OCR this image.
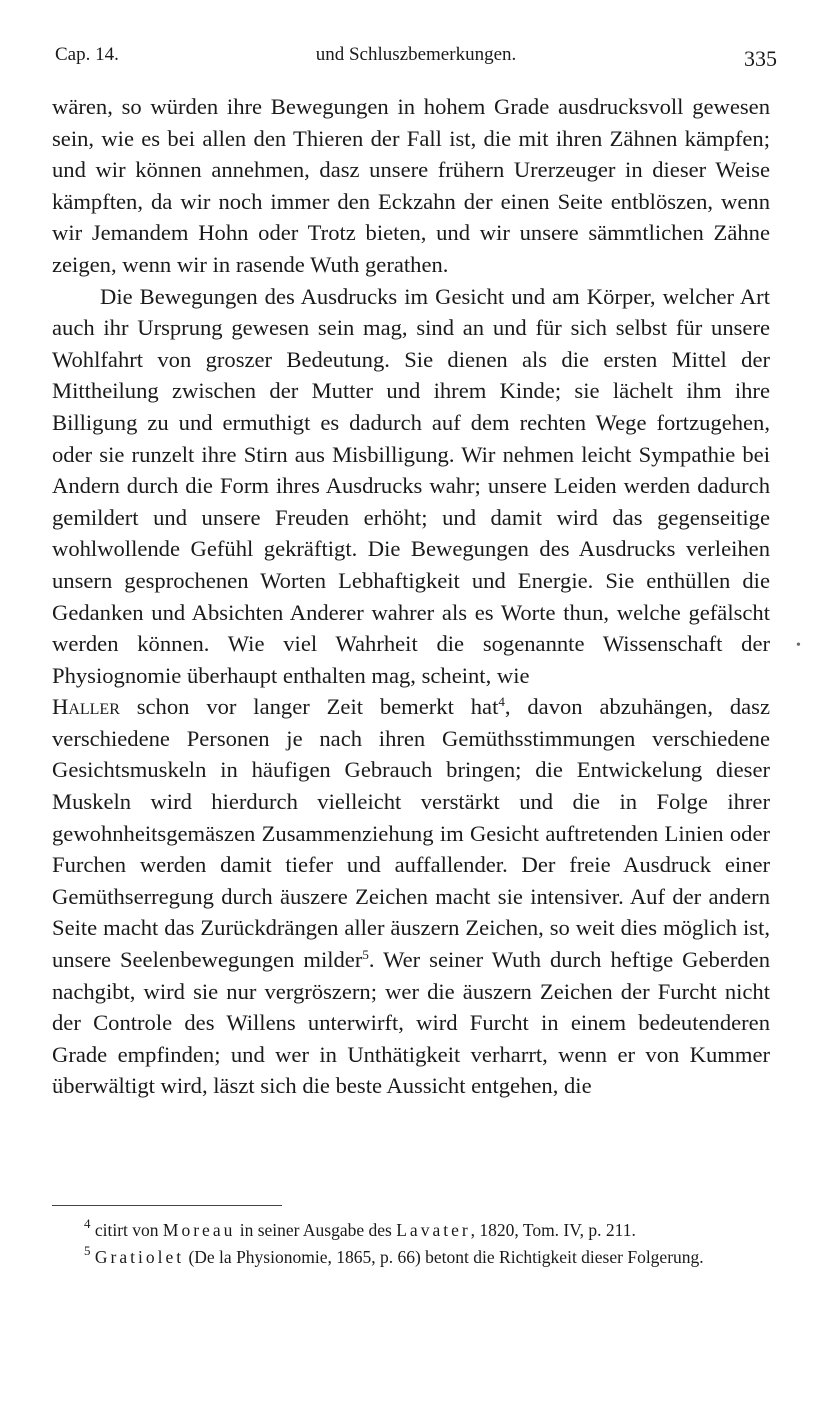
Cap. 14.	und Schluszbemerkungen.	335

wären, so würden ihre Bewegungen in hohem Grade ausdrucksvoll gewesen sein, wie es bei allen den Thieren der Fall ist, die mit ihren Zähnen kämpfen; und wir können annehmen, dasz unsere frühern Urerzeuger in dieser Weise kämpften, da wir noch immer den Eckzahn der einen Seite entblöszen, wenn wir Jemandem Hohn oder Trotz bieten, und wir unsere sämmtlichen Zähne zeigen, wenn wir in rasende Wuth gerathen.

Die Bewegungen des Ausdrucks im Gesicht und am Körper, welcher Art auch ihr Ursprung gewesen sein mag, sind an und für sich selbst für unsere Wohlfahrt von groszer Bedeutung. Sie dienen als die ersten Mittel der Mittheilung zwischen der Mutter und ihrem Kinde; sie lächelt ihm ihre Billigung zu und ermuthigt es dadurch auf dem rechten Wege fortzugehen, oder sie runzelt ihre Stirn aus Misbilligung. Wir nehmen leicht Sympathie bei Andern durch die Form ihres Ausdrucks wahr; unsere Leiden werden dadurch gemildert und unsere Freuden erhöht; und damit wird das gegenseitige wohlwollende Gefühl gekräftigt. Die Bewegungen des Ausdrucks verleihen unsern gesprochenen Worten Lebhaftigkeit und Energie. Sie enthüllen die Gedanken und Absichten Anderer wahrer als es Worte thun, welche gefälscht werden können. Wie viel Wahrheit die sogenannte Wissenschaft der Physiognomie überhaupt enthalten mag, scheint, wie
Haller schon vor langer Zeit bemerkt hat$^4$, davon abzuhängen, dasz verschiedene Personen je nach ihren Gemüthsstimmungen verschiedene Gesichtsmuskeln in häufigen Gebrauch bringen; die Entwickelung dieser Muskeln wird hierdurch vielleicht verstärkt und die in Folge ihrer gewohnheitsgemäszen Zusammenziehung im Gesicht auftretenden Linien oder Furchen werden damit tiefer und auffallender. Der freie Ausdruck einer Gemüthserregung durch äuszere Zeichen macht sie intensiver. Auf der andern Seite macht das Zurückdrängen aller äuszern Zeichen, so weit dies möglich ist, unsere Seelenbewegungen milder$^5$. Wer seiner Wuth durch heftige Geberden nachgibt, wird sie nur vergröszern; wer die äuszern Zeichen der Furcht nicht der Controle des Willens unterwirft, wird Furcht in einem bedeutenderen Grade empfinden; und wer in Unthätigkeit verharrt, wenn er von Kummer überwältigt wird, läszt sich die beste Aussicht entgehen, die

•

$^4$ citirt von Moreau in seiner Ausgabe des Lavater, 1820, Tom. IV, p. 211.

$^5$ Gratiolet (De la Physionomie, 1865, p. 66) betont die Richtigkeit dieser Folgerung.
